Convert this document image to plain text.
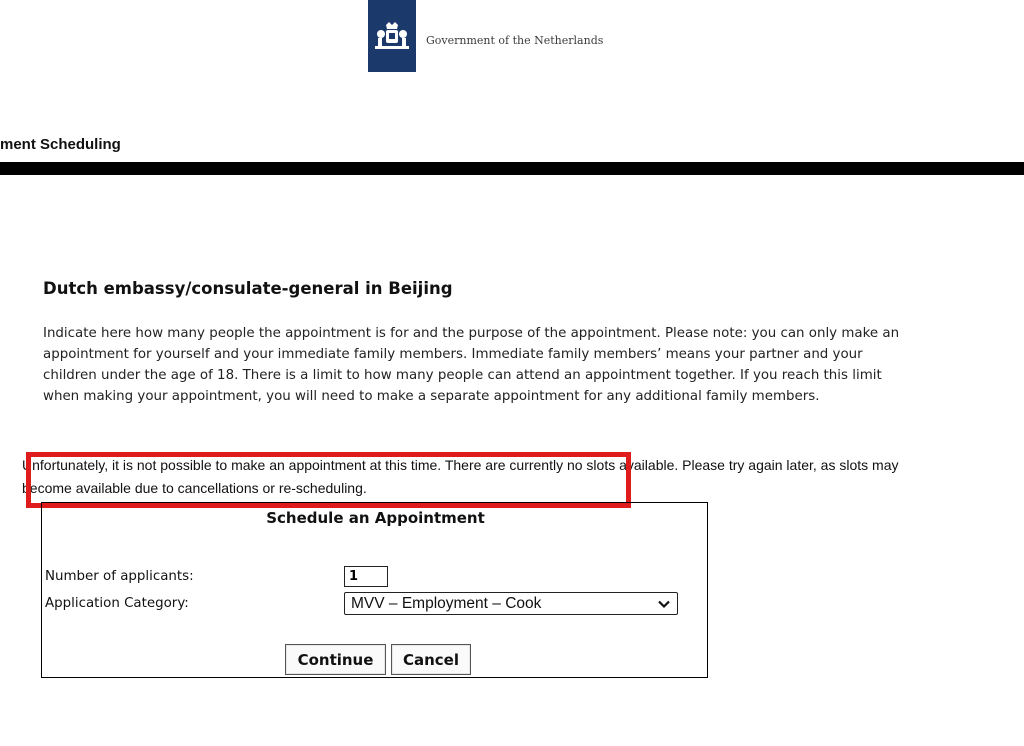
Government of the Netherlands
ment Scheduling
Dutch embassy/consulate-general in Beijing

Indicate here how many people the appointment is for and the purpose of the appointment. Please note: you can only make an appointment for yourself and your immediate family members. Immediate family members’ means your partner and your children under the age of 18. There is a limit to how many people can attend an appointment together. If you reach this limit when making your appointment, you will need to make a separate appointment for any additional family members.

Unfortunately, it is not possible to make an appointment at this time. There are currently no slots available. Please try again later, as slots may become available due to cancellations or re-scheduling.

Schedule an Appointment
Number of applicants:
1
Application Category:	MVV – Employment – Cook
Continue	Cancel
